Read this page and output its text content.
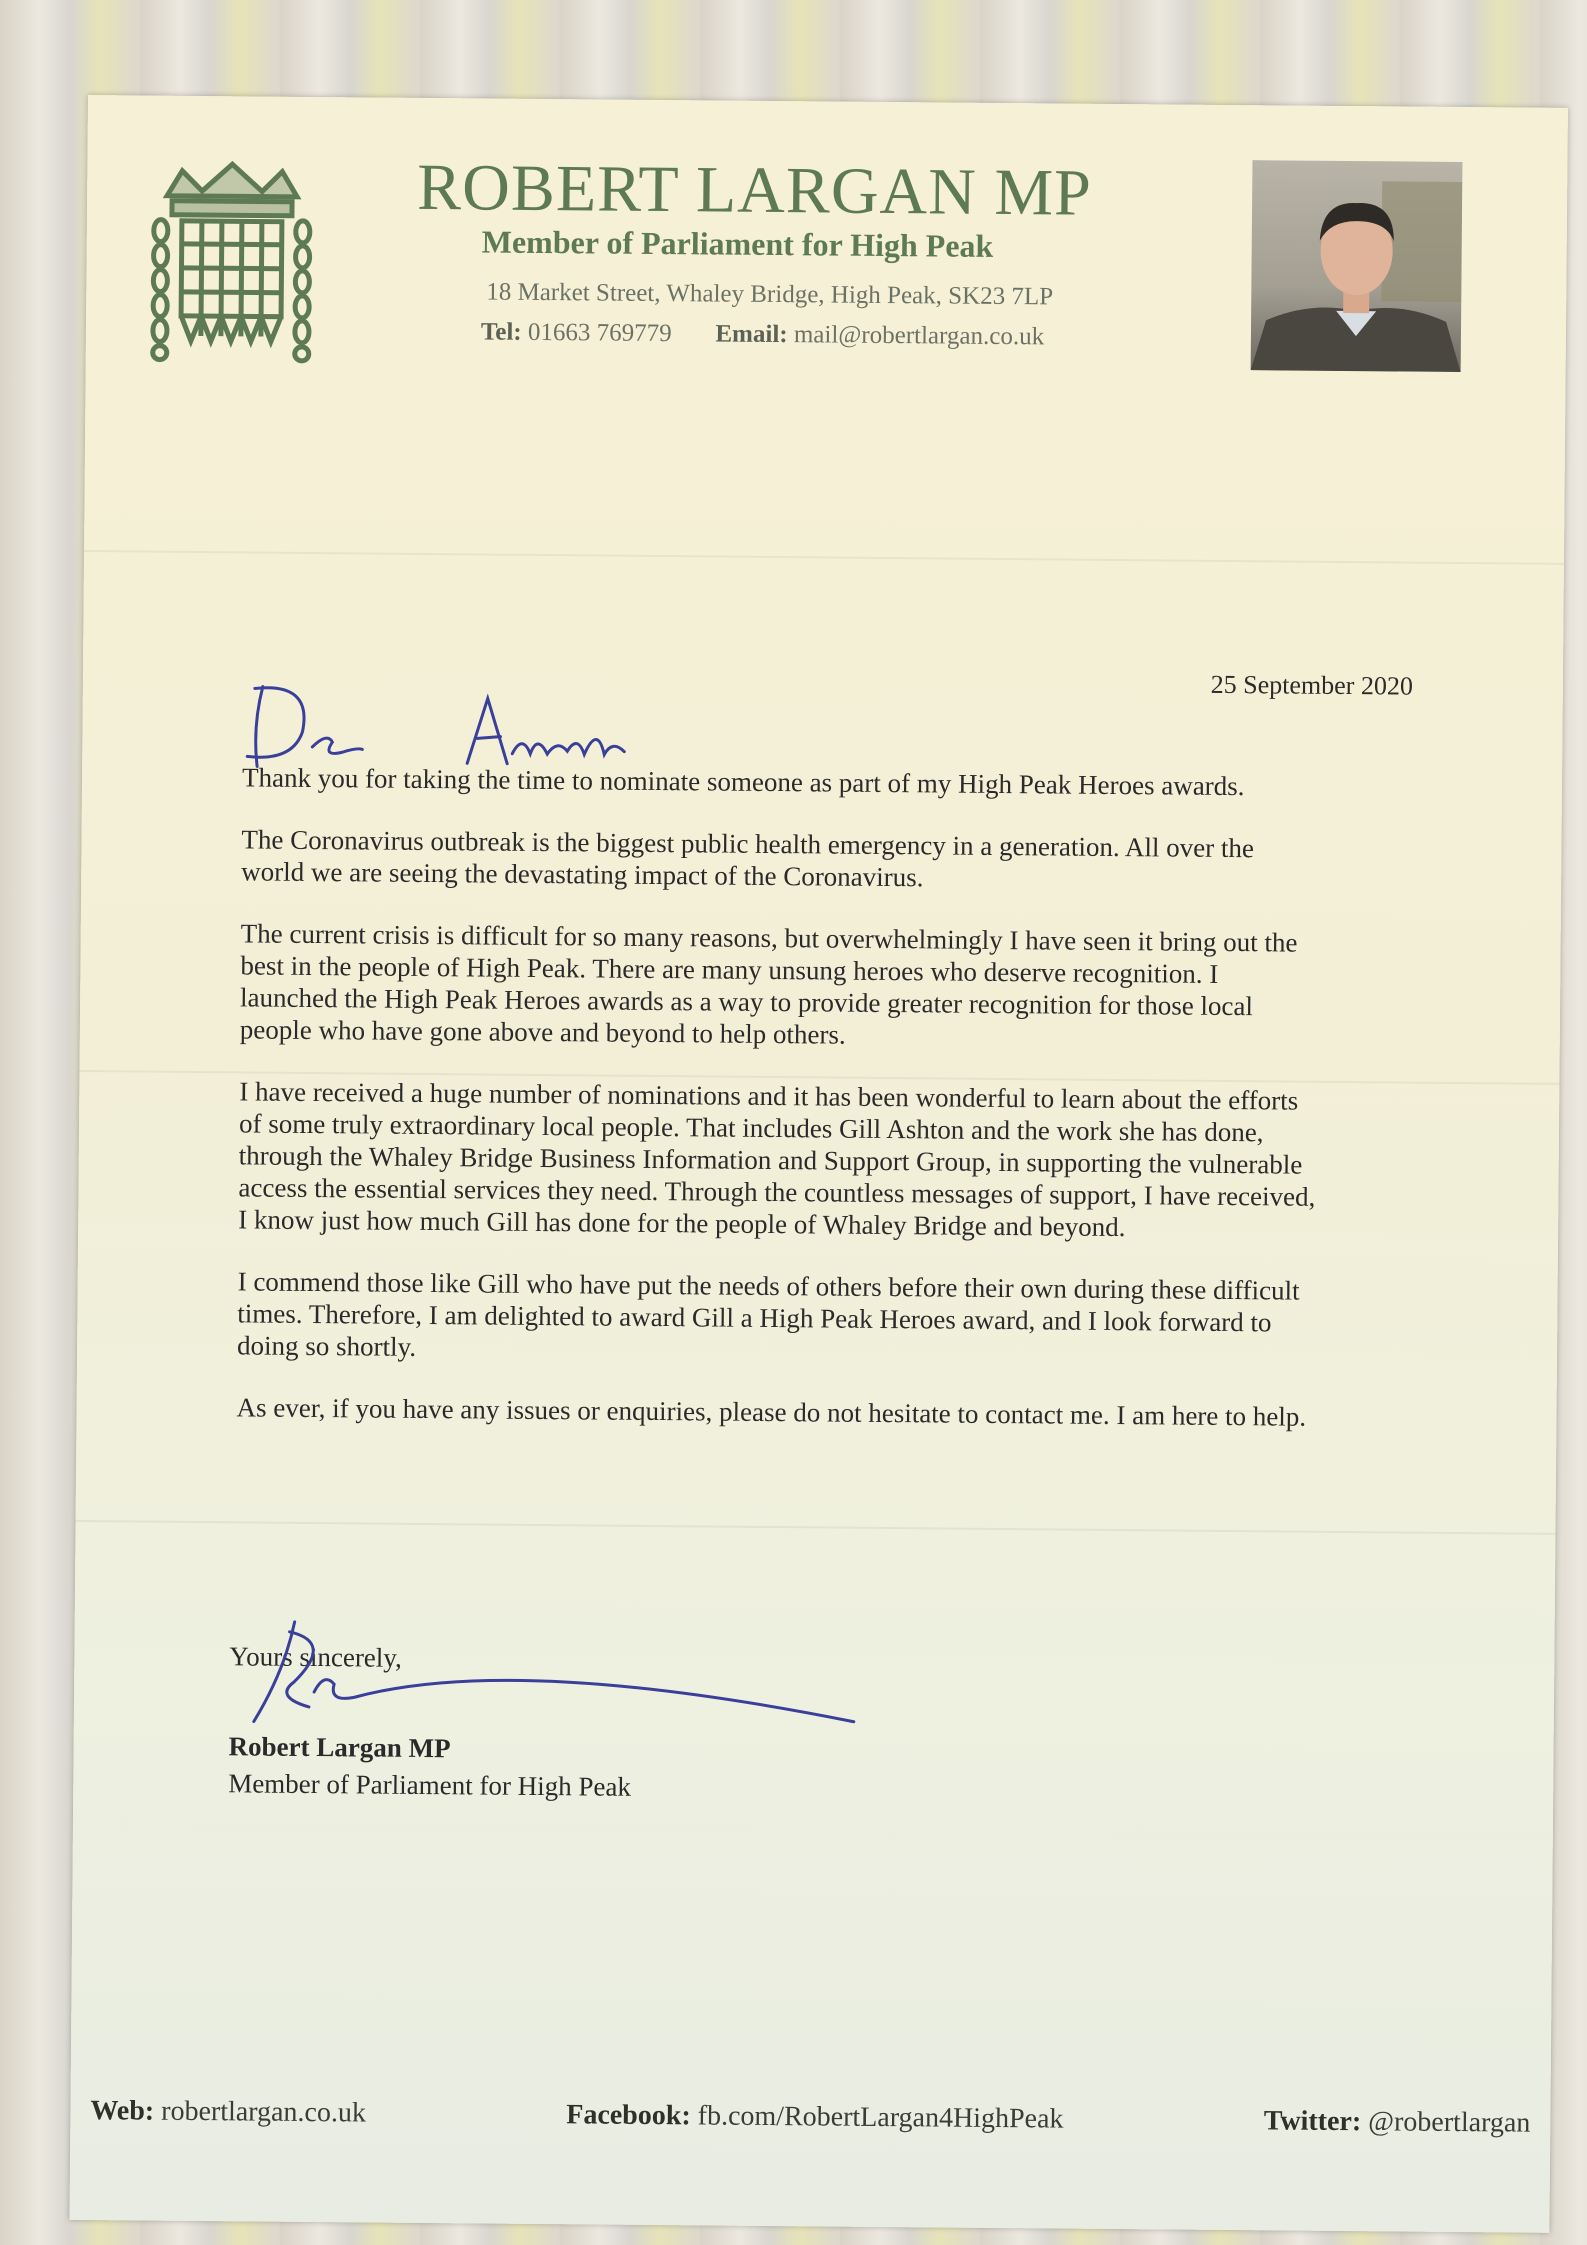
ROBERT LARGAN MP
Member of Parliament for High Peak
18 Market Street, Whaley Bridge, High Peak, SK23 7LP
Tel: 01663 769779 Email: mail@robertlargan.co.uk
25 September 2020

Thank you for taking the time to nominate someone as part of my High Peak Heroes awards.

The Coronavirus outbreak is the biggest public health emergency in a generation. All over the world we are seeing the devastating impact of the Coronavirus.

The current crisis is difficult for so many reasons, but overwhelmingly I have seen it bring out the best in the people of High Peak. There are many unsung heroes who deserve recognition. I launched the High Peak Heroes awards as a way to provide greater recognition for those local people who have gone above and beyond to help others.

I have received a huge number of nominations and it has been wonderful to learn about the efforts of some truly extraordinary local people. That includes Gill Ashton and the work she has done, through the Whaley Bridge Business Information and Support Group, in supporting the vulnerable access the essential services they need. Through the countless messages of support, I have received, I know just how much Gill has done for the people of Whaley Bridge and beyond.

I commend those like Gill who have put the needs of others before their own during these difficult times. Therefore, I am delighted to award Gill a High Peak Heroes award, and I look forward to doing so shortly.

As ever, if you have any issues or enquiries, please do not hesitate to contact me. I am here to help.

Yours sincerely,
Robert Largan MP
Member of Parliament for High Peak
Web: robertlargan.co.uk	Facebook: fb.com/RobertLargan4HighPeak	Twitter: @robertlargan
